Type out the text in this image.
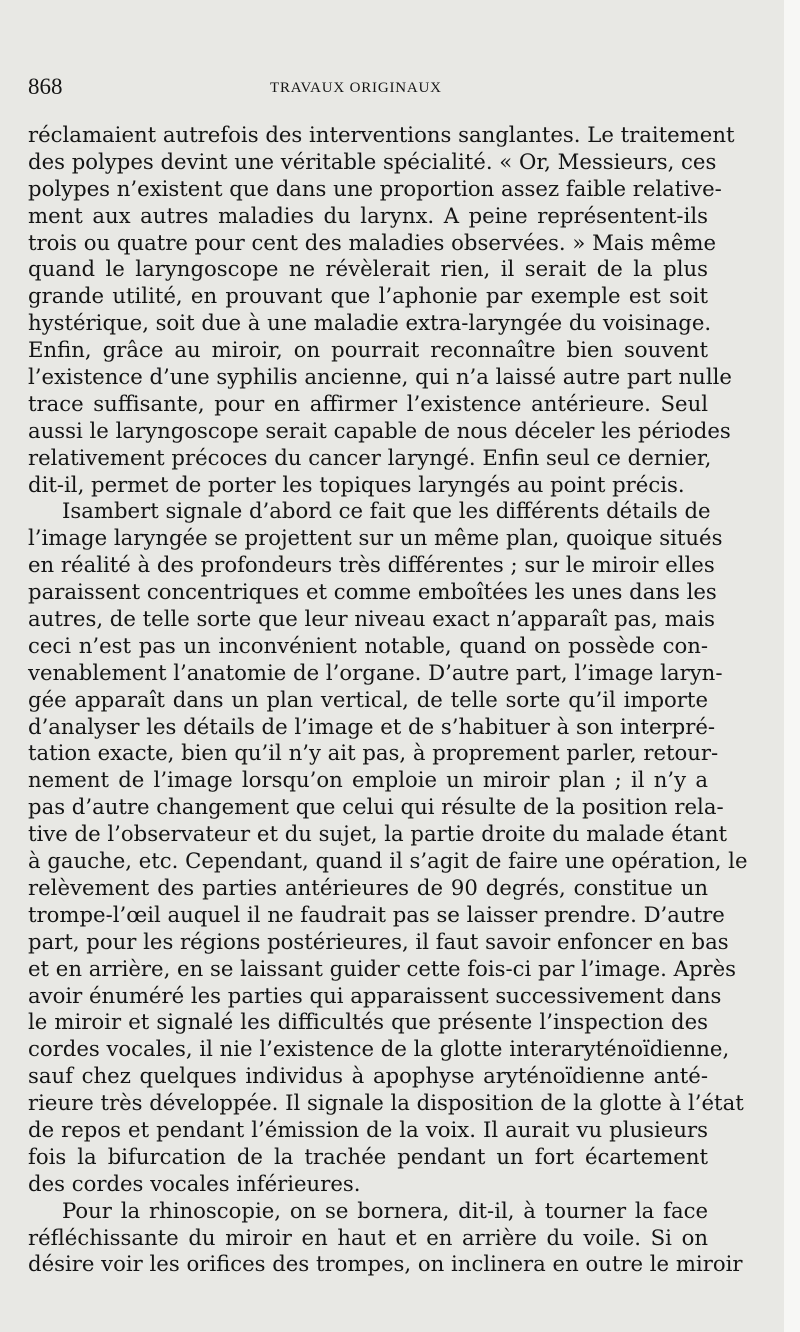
868	TRAVAUX ORIGINAUX
réclamaient autrefois des interventions sanglantes. Le traitement
des polypes devint une véritable spécialité. « Or, Messieurs, ces
polypes n’existent que dans une proportion assez faible relative-
ment aux autres maladies du larynx. A peine représentent-ils
trois ou quatre pour cent des maladies observées. » Mais même
quand le laryngoscope ne révèlerait rien, il serait de la plus
grande utilité, en prouvant que l’aphonie par exemple est soit
hystérique, soit due à une maladie extra-laryngée du voisinage.
Enfin, grâce au miroir, on pourrait reconnaître bien souvent
l’existence d’une syphilis ancienne, qui n’a laissé autre part nulle
trace suffisante, pour en affirmer l’existence antérieure. Seul
aussi le laryngoscope serait capable de nous déceler les périodes
relativement précoces du cancer laryngé. Enfin seul ce dernier,
dit-il, permet de porter les topiques laryngés au point précis.
Isambert signale d’abord ce fait que les différents détails de
l’image laryngée se projettent sur un même plan, quoique situés
en réalité à des profondeurs très différentes ; sur le miroir elles
paraissent concentriques et comme emboîtées les unes dans les
autres, de telle sorte que leur niveau exact n’apparaît pas, mais
ceci n’est pas un inconvénient notable, quand on possède con-
venablement l’anatomie de l’organe. D’autre part, l’image laryn-
gée apparaît dans un plan vertical, de telle sorte qu’il importe
d’analyser les détails de l’image et de s’habituer à son interpré-
tation exacte, bien qu’il n’y ait pas, à proprement parler, retour-
nement de l’image lorsqu’on emploie un miroir plan ; il n’y a
pas d’autre changement que celui qui résulte de la position rela-
tive de l’observateur et du sujet, la partie droite du malade étant
à gauche, etc. Cependant, quand il s’agit de faire une opération, le
relèvement des parties antérieures de 90 degrés, constitue un
trompe-l’œil auquel il ne faudrait pas se laisser prendre. D’autre
part, pour les régions postérieures, il faut savoir enfoncer en bas
et en arrière, en se laissant guider cette fois-ci par l’image. Après
avoir énuméré les parties qui apparaissent successivement dans
le miroir et signalé les difficultés que présente l’inspection des
cordes vocales, il nie l’existence de la glotte interaryténoïdienne,
sauf chez quelques individus à apophyse aryténoïdienne anté-
rieure très développée. Il signale la disposition de la glotte à l’état
de repos et pendant l’émission de la voix. Il aurait vu plusieurs
fois la bifurcation de la trachée pendant un fort écartement
des cordes vocales inférieures.
Pour la rhinoscopie, on se bornera, dit-il, à tourner la face
réfléchissante du miroir en haut et en arrière du voile. Si on
désire voir les orifices des trompes, on inclinera en outre le miroir
